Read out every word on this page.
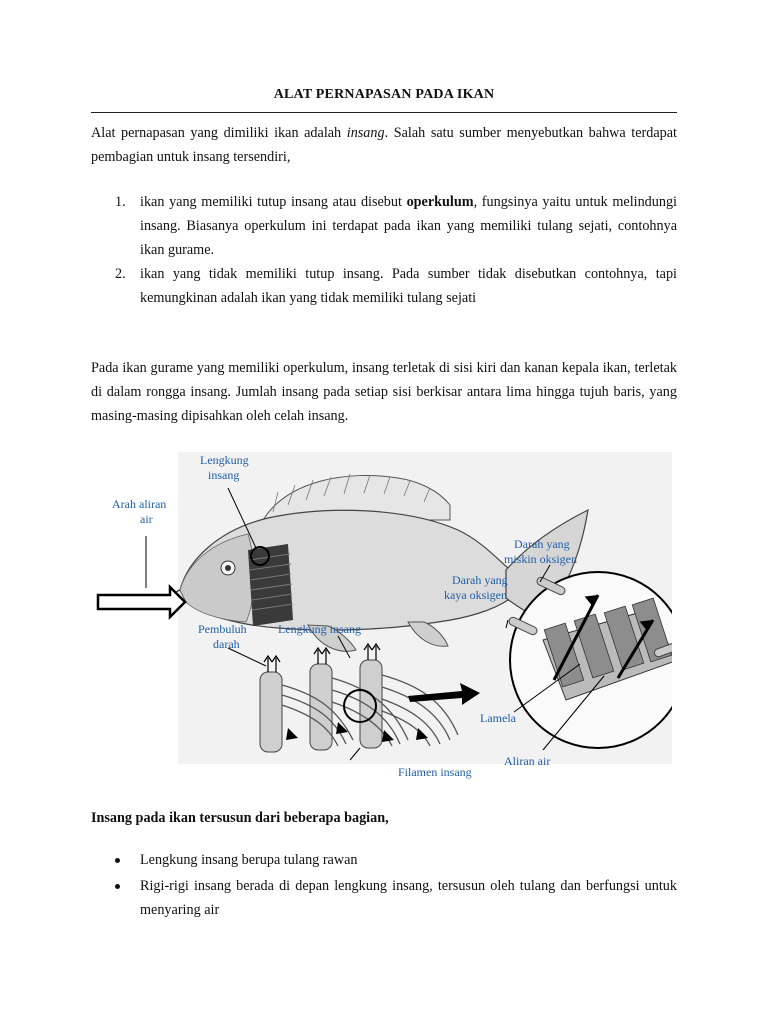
ALAT PERNAPASAN PADA IKAN
Alat pernapasan yang dimiliki ikan adalah insang. Salah satu sumber menyebutkan bahwa terdapat pembagian untuk insang tersendiri,
1. ikan yang memiliki tutup insang atau disebut operkulum, fungsinya yaitu untuk melindungi insang. Biasanya operkulum ini terdapat pada ikan yang memiliki tulang sejati, contohnya ikan gurame.
2. ikan yang tidak memiliki tutup insang. Pada sumber tidak disebutkan contohnya, tapi kemungkinan adalah ikan yang tidak memiliki tulang sejati
Pada ikan gurame yang memiliki operkulum, insang terletak di sisi kiri dan kanan kepala ikan, terletak di dalam rongga insang. Jumlah insang pada setiap sisi berkisar antara lima hingga tujuh baris, yang masing-masing dipisahkan oleh celah insang.
Insang pada ikan tersusun dari beberapa bagian,
Lengkung insang berupa tulang rawan
Rigi-rigi insang berada di depan lengkung insang, tersusun oleh tulang dan berfungsi untuk menyaring air
Lengkung
insang
Arah aliran
air
Darah yang
miskin oksigen
Darah yang
kaya oksigen
Pembuluh
darah
Lengkung insang
Lamela
Aliran air
Filamen insang
